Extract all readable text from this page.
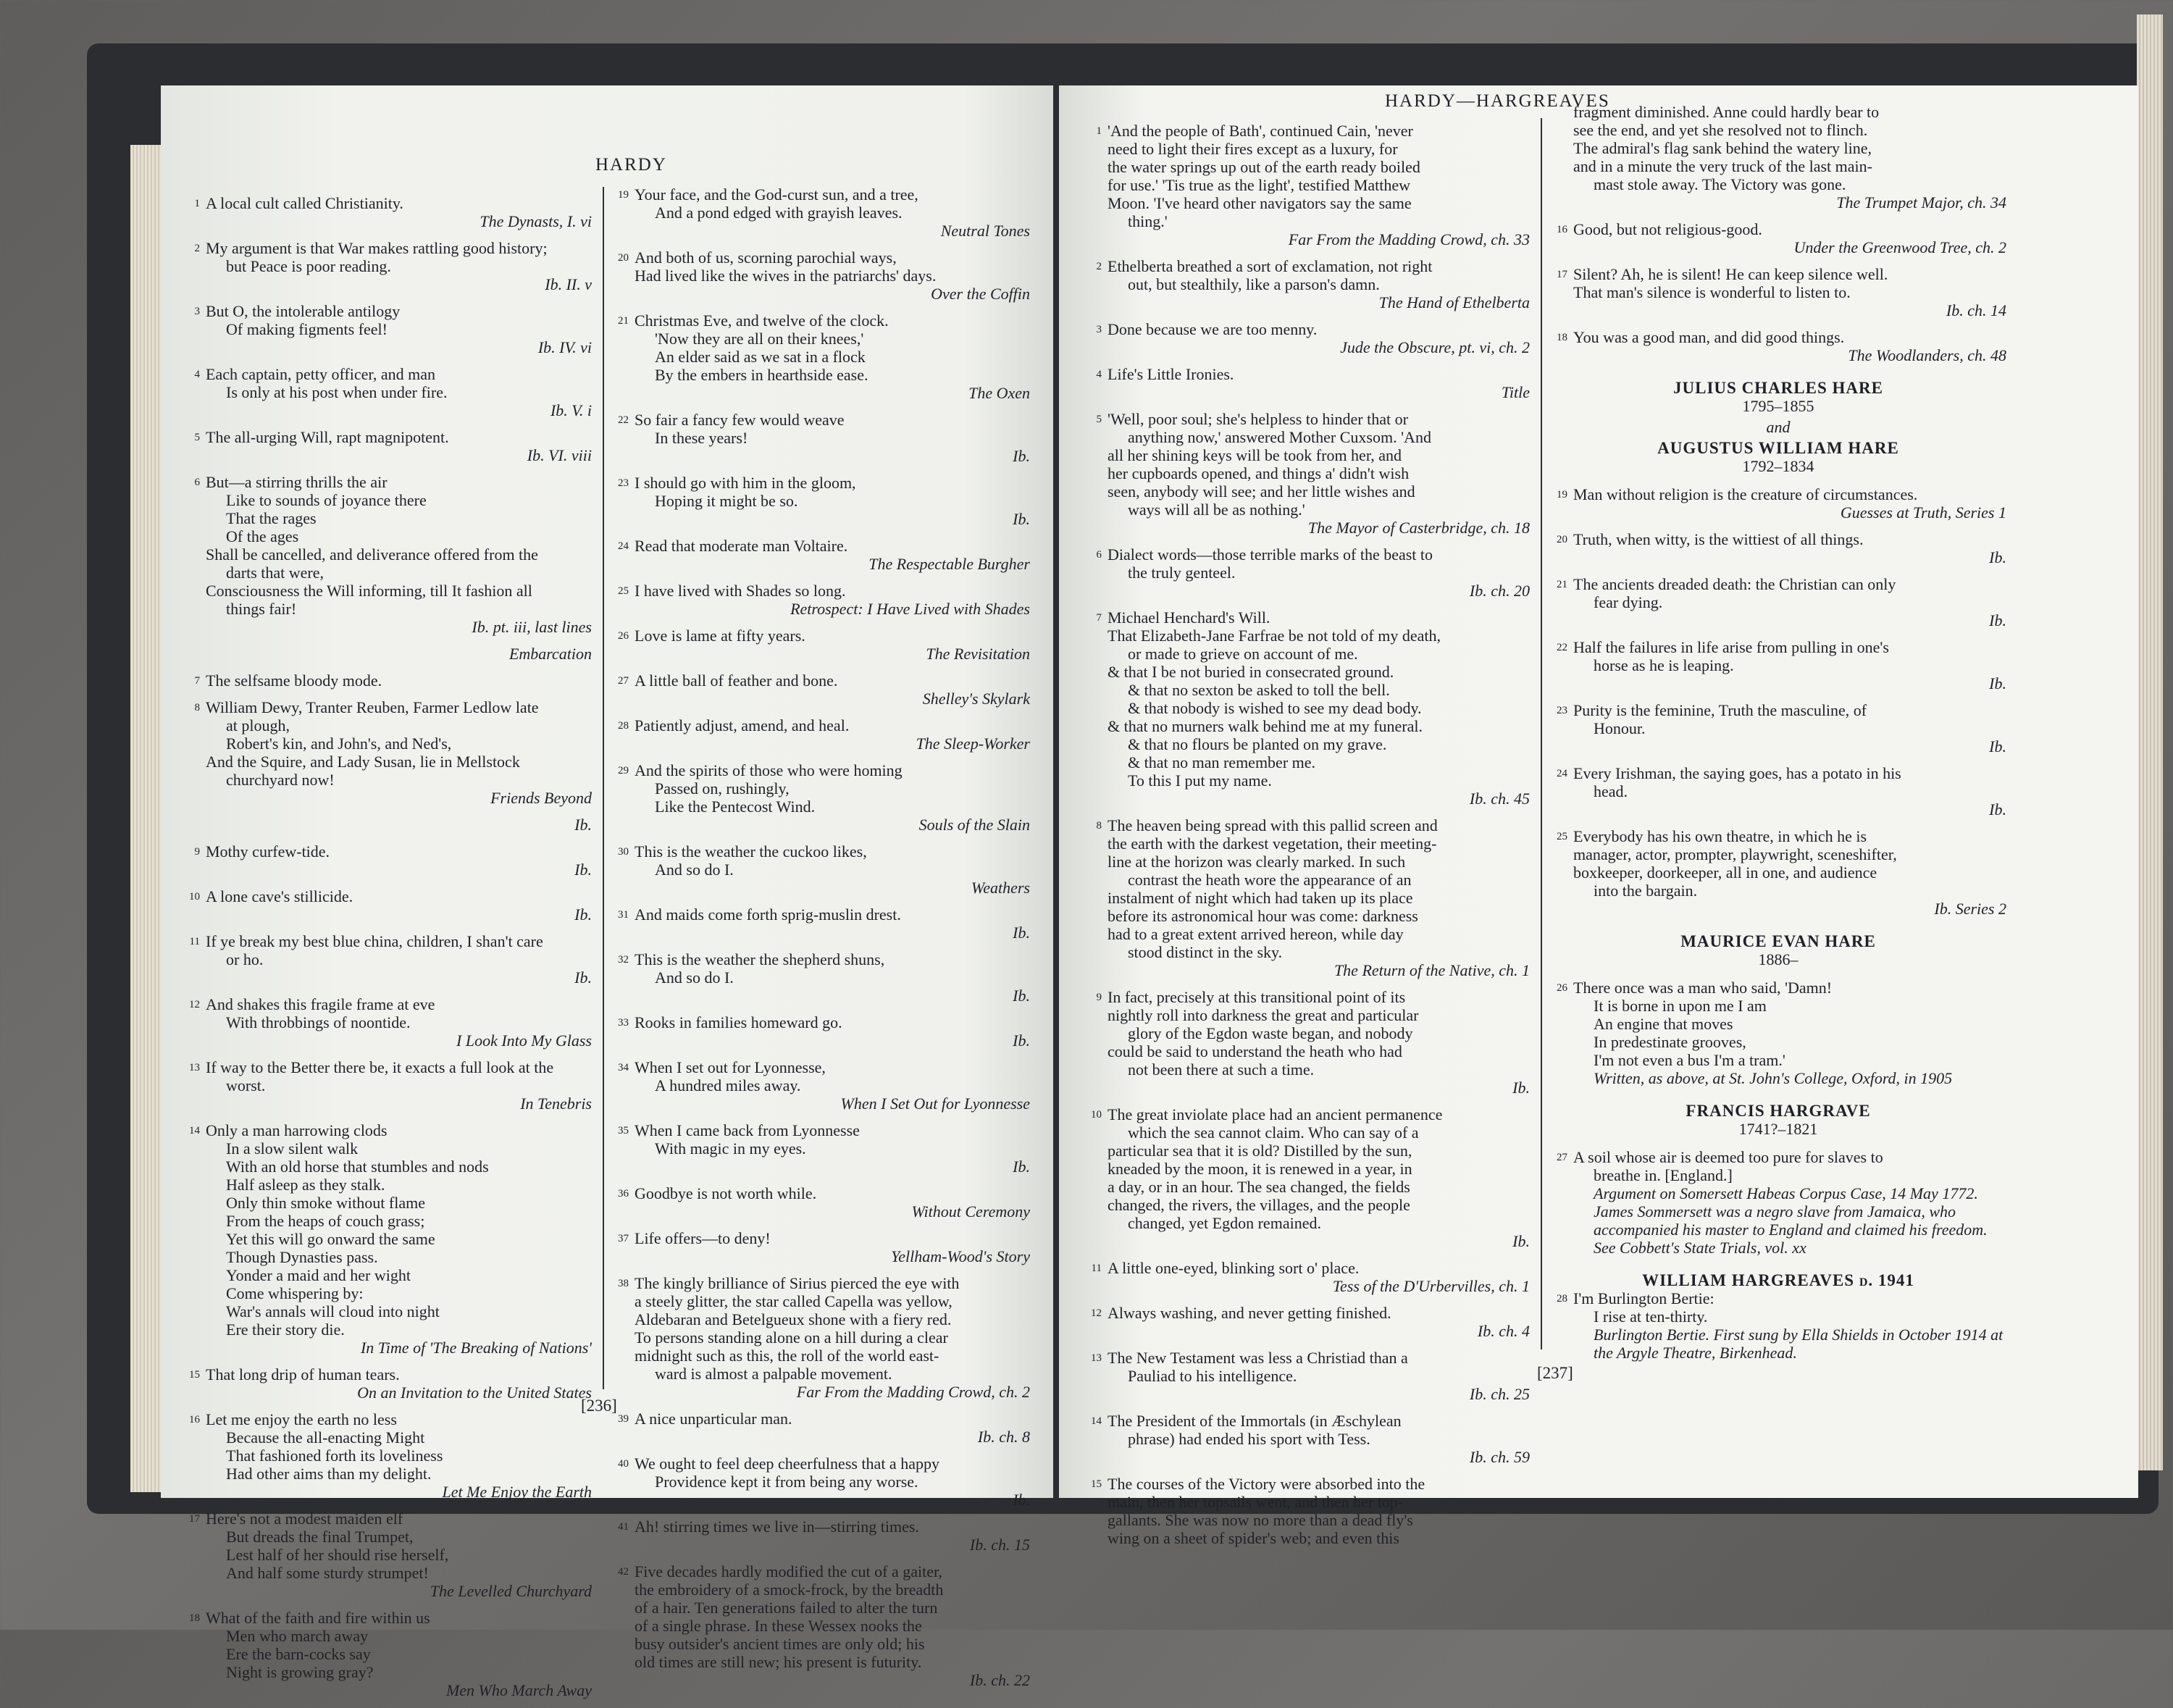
HARDY
1 A local cult called Christianity.
The Dynasts, I. vi
2 My argument is that War makes rattling good history;
but Peace is poor reading.
Ib. II. v
3 But O, the intolerable antilogy
Of making figments feel!
Ib. IV. vi
4 Each captain, petty officer, and man
Is only at his post when under fire.
Ib. V. i
5 The all-urging Will, rapt magnipotent.
Ib. VI. viii
6 But—a stirring thrills the air
Like to sounds of joyance there
That the rages
Of the ages
Shall be cancelled, and deliverance offered from the
darts that were,
Consciousness the Will informing, till It fashion all
things fair!
Ib. pt. iii, last lines
Embarcation
7 The selfsame bloody mode.
8 William Dewy, Tranter Reuben, Farmer Ledlow late
at plough,
Robert's kin, and John's, and Ned's,
And the Squire, and Lady Susan, lie in Mellstock
churchyard now!
Friends Beyond
Ib.
9 Mothy curfew-tide.
Ib.
10 A lone cave's stillicide.
Ib.
11 If ye break my best blue china, children, I shan't care
or ho.
Ib.
12 And shakes this fragile frame at eve
With throbbings of noontide.
I Look Into My Glass
13 If way to the Better there be, it exacts a full look at the
worst.
In Tenebris
14 Only a man harrowing clods
In a slow silent walk
With an old horse that stumbles and nods
Half asleep as they stalk.
Only thin smoke without flame
From the heaps of couch grass;
Yet this will go onward the same
Though Dynasties pass.
Yonder a maid and her wight
Come whispering by:
War's annals will cloud into night
Ere their story die.
In Time of 'The Breaking of Nations'
15 That long drip of human tears.
On an Invitation to the United States
16 Let me enjoy the earth no less
Because the all-enacting Might
That fashioned forth its loveliness
Had other aims than my delight.
Let Me Enjoy the Earth
17 Here's not a modest maiden elf
But dreads the final Trumpet,
Lest half of her should rise herself,
And half some sturdy strumpet!
The Levelled Churchyard
18 What of the faith and fire within us
Men who march away
Ere the barn-cocks say
Night is growing gray?
Men Who March Away
19 Your face, and the God-curst sun, and a tree,
And a pond edged with grayish leaves.
Neutral Tones
20 And both of us, scorning parochial ways,
Had lived like the wives in the patriarchs' days.
Over the Coffin
21 Christmas Eve, and twelve of the clock.
'Now they are all on their knees,'
An elder said as we sat in a flock
By the embers in hearthside ease.
The Oxen
22 So fair a fancy few would weave
In these years!
Ib.
23 I should go with him in the gloom,
Hoping it might be so.
Ib.
24 Read that moderate man Voltaire.
The Respectable Burgher
25 I have lived with Shades so long.
Retrospect: I Have Lived with Shades
26 Love is lame at fifty years.
The Revisitation
27 A little ball of feather and bone.
Shelley's Skylark
28 Patiently adjust, amend, and heal.
The Sleep-Worker
29 And the spirits of those who were homing
Passed on, rushingly,
Like the Pentecost Wind.
Souls of the Slain
30 This is the weather the cuckoo likes,
And so do I.
Weathers
31 And maids come forth sprig-muslin drest.
Ib.
32 This is the weather the shepherd shuns,
And so do I.
Ib.
33 Rooks in families homeward go.
Ib.
34 When I set out for Lyonnesse,
A hundred miles away.
When I Set Out for Lyonnesse
35 When I came back from Lyonnesse
With magic in my eyes.
Ib.
36 Goodbye is not worth while.
Without Ceremony
37 Life offers—to deny!
Yellham-Wood's Story
38 The kingly brilliance of Sirius pierced the eye with
a steely glitter, the star called Capella was yellow,
Aldebaran and Betelgueux shone with a fiery red.
To persons standing alone on a hill during a clear
midnight such as this, the roll of the world east-
ward is almost a palpable movement.
Far From the Madding Crowd, ch. 2
39 A nice unparticular man.
Ib. ch. 8
40 We ought to feel deep cheerfulness that a happy
Providence kept it from being any worse.
Ib.
41 Ah! stirring times we live in—stirring times.
Ib. ch. 15
42 Five decades hardly modified the cut of a gaiter,
the embroidery of a smock-frock, by the breadth
of a hair. Ten generations failed to alter the turn
of a single phrase. In these Wessex nooks the
busy outsider's ancient times are only old; his
old times are still new; his present is futurity.
Ib. ch. 22
[236]
HARDY—HARGREAVES
1 'And the people of Bath', continued Cain, 'never
need to light their fires except as a luxury, for
the water springs up out of the earth ready boiled
for use.' 'Tis true as the light', testified Matthew
Moon. 'I've heard other navigators say the same
thing.'
Far From the Madding Crowd, ch. 33
2 Ethelberta breathed a sort of exclamation, not right
out, but stealthily, like a parson's damn.
The Hand of Ethelberta
3 Done because we are too menny.
Jude the Obscure, pt. vi, ch. 2
4 Life's Little Ironies.
Title
5 'Well, poor soul; she's helpless to hinder that or
anything now,' answered Mother Cuxsom. 'And
all her shining keys will be took from her, and
her cupboards opened, and things a' didn't wish
seen, anybody will see; and her little wishes and
ways will all be as nothing.'
The Mayor of Casterbridge, ch. 18
6 Dialect words—those terrible marks of the beast to
the truly genteel.
Ib. ch. 20
7 Michael Henchard's Will.
That Elizabeth-Jane Farfrae be not told of my death,
or made to grieve on account of me.
& that I be not buried in consecrated ground.
& that no sexton be asked to toll the bell.
& that nobody is wished to see my dead body.
& that no murners walk behind me at my funeral.
& that no flours be planted on my grave.
& that no man remember me.
To this I put my name.
Ib. ch. 45
8 The heaven being spread with this pallid screen and
the earth with the darkest vegetation, their meeting-
line at the horizon was clearly marked. In such
contrast the heath wore the appearance of an
instalment of night which had taken up its place
before its astronomical hour was come: darkness
had to a great extent arrived hereon, while day
stood distinct in the sky.
The Return of the Native, ch. 1
9 In fact, precisely at this transitional point of its
nightly roll into darkness the great and particular
glory of the Egdon waste began, and nobody
could be said to understand the heath who had
not been there at such a time.
Ib.
10 The great inviolate place had an ancient permanence
which the sea cannot claim. Who can say of a
particular sea that it is old? Distilled by the sun,
kneaded by the moon, it is renewed in a year, in
a day, or in an hour. The sea changed, the fields
changed, the rivers, the villages, and the people
changed, yet Egdon remained.
Ib.
11 A little one-eyed, blinking sort o' place.
Tess of the D'Urbervilles, ch. 1
12 Always washing, and never getting finished.
Ib. ch. 4
13 The New Testament was less a Christiad than a
Pauliad to his intelligence.
Ib. ch. 25
14 The President of the Immortals (in Æschylean
phrase) had ended his sport with Tess.
Ib. ch. 59
15 The courses of the Victory were absorbed into the
main, then her topsails went, and then her top-
gallants. She was now no more than a dead fly's
wing on a sheet of spider's web; and even this
fragment diminished. Anne could hardly bear to
see the end, and yet she resolved not to flinch.
The admiral's flag sank behind the watery line,
and in a minute the very truck of the last main-
mast stole away. The Victory was gone.
The Trumpet Major, ch. 34
16 Good, but not religious-good.
Under the Greenwood Tree, ch. 2
17 Silent? Ah, he is silent! He can keep silence well.
That man's silence is wonderful to listen to.
Ib. ch. 14
18 You was a good man, and did good things.
The Woodlanders, ch. 48
JULIUS CHARLES HARE
1795–1855
and
AUGUSTUS WILLIAM HARE
1792–1834
19 Man without religion is the creature of circumstances.
Guesses at Truth, Series 1
20 Truth, when witty, is the wittiest of all things.
Ib.
21 The ancients dreaded death: the Christian can only
fear dying.
Ib.
22 Half the failures in life arise from pulling in one's
horse as he is leaping.
Ib.
23 Purity is the feminine, Truth the masculine, of
Honour.
Ib.
24 Every Irishman, the saying goes, has a potato in his
head.
Ib.
25 Everybody has his own theatre, in which he is
manager, actor, prompter, playwright, sceneshifter,
boxkeeper, doorkeeper, all in one, and audience
into the bargain.
Ib. Series 2
MAURICE EVAN HARE
1886–
26 There once was a man who said, 'Damn!
It is borne in upon me I am
An engine that moves
In predestinate grooves,
I'm not even a bus I'm a tram.'
Written, as above, at St. John's College, Oxford, in 1905
FRANCIS HARGRAVE
1741?–1821
27 A soil whose air is deemed too pure for slaves to
breathe in. [England.]
Argument on Somersett Habeas Corpus Case, 14 May 1772. James Sommersett was a negro slave from Jamaica, who accompanied his master to England and claimed his freedom. See Cobbett's State Trials, vol. xx
WILLIAM HARGREAVES d. 1941
28 I'm Burlington Bertie:
I rise at ten-thirty.
Burlington Bertie. First sung by Ella Shields in October 1914 at the Argyle Theatre, Birkenhead.
[237]
